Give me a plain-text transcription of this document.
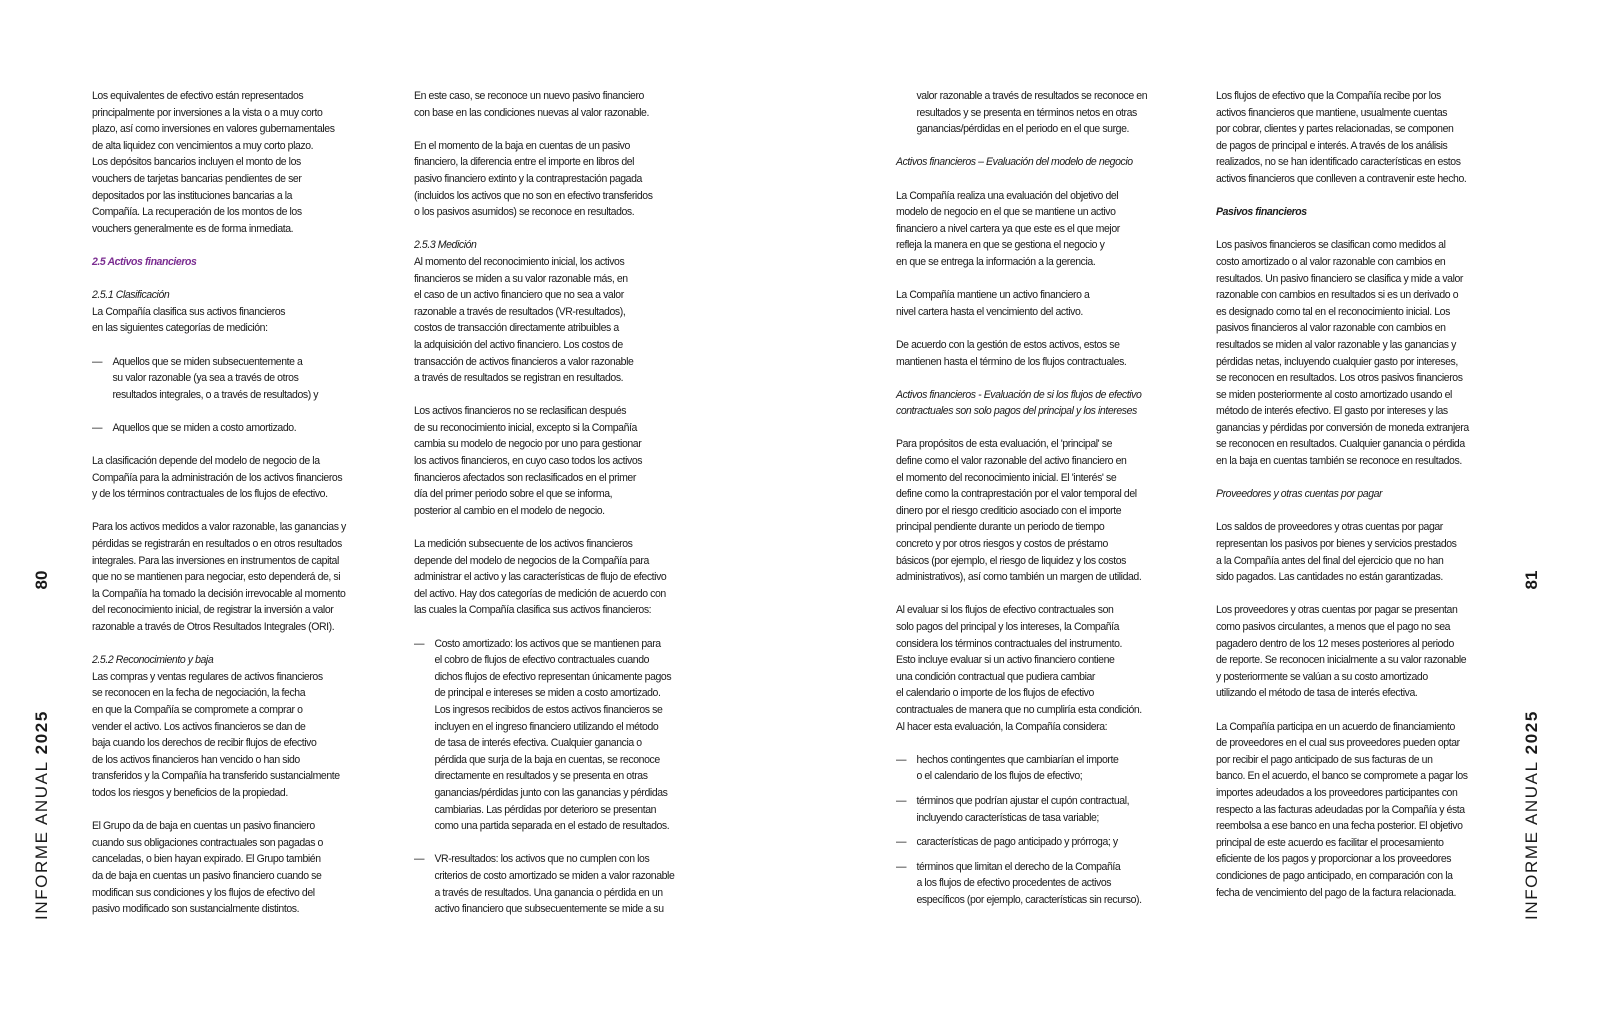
INFORME ANUAL
2025
80

Los equivalentes de efectivo están representados
principalmente por inversiones a la vista o a muy corto
plazo, así como inversiones en valores gubernamentales
de alta liquidez con vencimientos a muy corto plazo.
Los depósitos bancarios incluyen el monto de los
vouchers de tarjetas bancarias pendientes de ser
depositados por las instituciones bancarias a la
Compañía. La recuperación de los montos de los
vouchers generalmente es de forma inmediata.

2.5 Activos financieros

2.5.1 Clasificación

La Compañía clasifica sus activos financieros
en las siguientes categorías de medición:

— Aquellos que se miden subsecuentemente a
su valor razonable (ya sea a través de otros
resultados integrales, o a través de resultados) y
— Aquellos que se miden a costo amortizado.

La clasificación depende del modelo de negocio de la
Compañía para la administración de los activos financieros
y de los términos contractuales de los flujos de efectivo.

Para los activos medidos a valor razonable, las ganancias y
pérdidas se registrarán en resultados o en otros resultados
integrales. Para las inversiones en instrumentos de capital
que no se mantienen para negociar, esto dependerá de, si
la Compañía ha tomado la decisión irrevocable al momento
del reconocimiento inicial, de registrar la inversión a valor
razonable a través de Otros Resultados Integrales (ORI).

2.5.2 Reconocimiento y baja

Las compras y ventas regulares de activos financieros
se reconocen en la fecha de negociación, la fecha
en que la Compañía se compromete a comprar o
vender el activo. Los activos financieros se dan de
baja cuando los derechos de recibir flujos de efectivo
de los activos financieros han vencido o han sido
transferidos y la Compañía ha transferido sustancialmente
todos los riesgos y beneficios de la propiedad.

El Grupo da de baja en cuentas un pasivo financiero
cuando sus obligaciones contractuales son pagadas o
canceladas, o bien hayan expirado. El Grupo también
da de baja en cuentas un pasivo financiero cuando se
modifican sus condiciones y los flujos de efectivo del
pasivo modificado son sustancialmente distintos.

En este caso, se reconoce un nuevo pasivo financiero
con base en las condiciones nuevas al valor razonable.

En el momento de la baja en cuentas de un pasivo
financiero, la diferencia entre el importe en libros del
pasivo financiero extinto y la contraprestación pagada
(incluidos los activos que no son en efectivo transferidos
o los pasivos asumidos) se reconoce en resultados.

2.5.3 Medición

Al momento del reconocimiento inicial, los activos
financieros se miden a su valor razonable más, en
el caso de un activo financiero que no sea a valor
razonable a través de resultados (VR-resultados),
costos de transacción directamente atribuibles a
la adquisición del activo financiero. Los costos de
transacción de activos financieros a valor razonable
a través de resultados se registran en resultados.

Los activos financieros no se reclasifican después
de su reconocimiento inicial, excepto si la Compañía
cambia su modelo de negocio por uno para gestionar
los activos financieros, en cuyo caso todos los activos
financieros afectados son reclasificados en el primer
día del primer periodo sobre el que se informa,
posterior al cambio en el modelo de negocio.

La medición subsecuente de los activos financieros
depende del modelo de negocios de la Compañía para
administrar el activo y las características de flujo de efectivo
del activo. Hay dos categorías de medición de acuerdo con
las cuales la Compañía clasifica sus activos financieros:

— Costo amortizado: los activos que se mantienen para
el cobro de flujos de efectivo contractuales cuando
dichos flujos de efectivo representan únicamente pagos
de principal e intereses se miden a costo amortizado.
Los ingresos recibidos de estos activos financieros se
incluyen en el ingreso financiero utilizando el método
de tasa de interés efectiva. Cualquier ganancia o
pérdida que surja de la baja en cuentas, se reconoce
directamente en resultados y se presenta en otras
ganancias/pérdidas junto con las ganancias y pérdidas
cambiarias. Las pérdidas por deterioro se presentan
como una partida separada en el estado de resultados.
— VR-resultados: los activos que no cumplen con los
criterios de costo amortizado se miden a valor razonable
a través de resultados. Una ganancia o pérdida en un
activo financiero que subsecuentemente se mide a su
valor razonable a través de resultados se reconoce en
resultados y se presenta en términos netos en otras
ganancias/pérdidas en el periodo en el que surge.

Activos financieros – Evaluación del modelo de negocio

La Compañía realiza una evaluación del objetivo del
modelo de negocio en el que se mantiene un activo
financiero a nivel cartera ya que este es el que mejor
refleja la manera en que se gestiona el negocio y
en que se entrega la información a la gerencia.

La Compañía mantiene un activo financiero a
nivel cartera hasta el vencimiento del activo.

De acuerdo con la gestión de estos activos, estos se
mantienen hasta el término de los flujos contractuales.

Activos financieros - Evaluación de si los flujos de efectivo
contractuales son solo pagos del principal y los intereses

Para propósitos de esta evaluación, el 'principal' se
define como el valor razonable del activo financiero en
el momento del reconocimiento inicial. El 'interés' se
define como la contraprestación por el valor temporal del
dinero por el riesgo crediticio asociado con el importe
principal pendiente durante un periodo de tiempo
concreto y por otros riesgos y costos de préstamo
básicos (por ejemplo, el riesgo de liquidez y los costos
administrativos), así como también un margen de utilidad.

Al evaluar si los flujos de efectivo contractuales son
solo pagos del principal y los intereses, la Compañía
considera los términos contractuales del instrumento.
Esto incluye evaluar si un activo financiero contiene
una condición contractual que pudiera cambiar
el calendario o importe de los flujos de efectivo
contractuales de manera que no cumpliría esta condición.
Al hacer esta evaluación, la Compañía considera:

— hechos contingentes que cambiarían el importe
o el calendario de los flujos de efectivo;
— términos que podrían ajustar el cupón contractual,
incluyendo características de tasa variable;
— características de pago anticipado y prórroga; y
— términos que limitan el derecho de la Compañía
a los flujos de efectivo procedentes de activos
específicos (por ejemplo, características sin recurso).

Los flujos de efectivo que la Compañía recibe por los
activos financieros que mantiene, usualmente cuentas
por cobrar, clientes y partes relacionadas, se componen
de pagos de principal e interés. A través de los análisis
realizados, no se han identificado características en estos
activos financieros que conlleven a contravenir este hecho.

Pasivos financieros

Los pasivos financieros se clasifican como medidos al
costo amortizado o al valor razonable con cambios en
resultados. Un pasivo financiero se clasifica y mide a valor
razonable con cambios en resultados si es un derivado o
es designado como tal en el reconocimiento inicial. Los
pasivos financieros al valor razonable con cambios en
resultados se miden al valor razonable y las ganancias y
pérdidas netas, incluyendo cualquier gasto por intereses,
se reconocen en resultados. Los otros pasivos financieros
se miden posteriormente al costo amortizado usando el
método de interés efectivo. El gasto por intereses y las
ganancias y pérdidas por conversión de moneda extranjera
se reconocen en resultados. Cualquier ganancia o pérdida
en la baja en cuentas también se reconoce en resultados.

Proveedores y otras cuentas por pagar

Los saldos de proveedores y otras cuentas por pagar
representan los pasivos por bienes y servicios prestados
a la Compañía antes del final del ejercicio que no han
sido pagados. Las cantidades no están garantizadas.

Los proveedores y otras cuentas por pagar se presentan
como pasivos circulantes, a menos que el pago no sea
pagadero dentro de los 12 meses posteriores al periodo
de reporte. Se reconocen inicialmente a su valor razonable
y posteriormente se valúan a su costo amortizado
utilizando el método de tasa de interés efectiva.

La Compañía participa en un acuerdo de financiamiento
de proveedores en el cual sus proveedores pueden optar
por recibir el pago anticipado de sus facturas de un
banco. En el acuerdo, el banco se compromete a pagar los
importes adeudados a los proveedores participantes con
respecto a las facturas adeudadas por la Compañía y ésta
reembolsa a ese banco en una fecha posterior. El objetivo
principal de este acuerdo es facilitar el procesamiento
eficiente de los pagos y proporcionar a los proveedores
condiciones de pago anticipado, en comparación con la
fecha de vencimiento del pago de la factura relacionada.	INFORME ANUAL
2025
81
